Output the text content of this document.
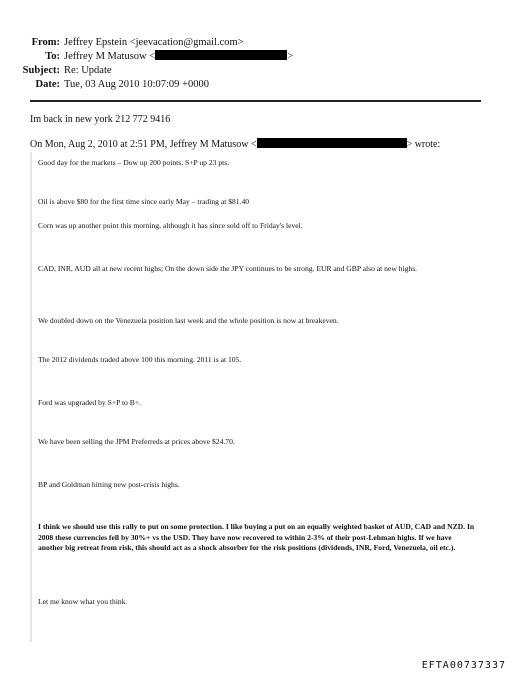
From: Jeffrey Epstein <jeevacation@gmail.com>
To: Jeffrey M Matusow <	>
Subject: Re: Update
Date: Tue, 03 Aug 2010 10:07:09 +0000
Im back in new york 212 772 9416
On Mon, Aug 2, 2010 at 2:51 PM, Jeffrey M Matusow <	> wrote:
Good day for the markets – Dow up 200 points, S+P up 23 pts.
Oil is above $80 for the first time since early May – trading at $81.40
Corn was up another point this morning, although it has since sold off to Friday's level.
CAD, INR, AUD all at new recent highs; On the down side the JPY continues to be strong. EUR and GBP also at new highs.
We doubled down on the Venezuela position last week and the whole position is now at breakeven.
The 2012 dividends traded above 100 this morning. 2011 is at 105.
Ford was upgraded by S+P to B+.
We have been selling the JPM Preferreds at prices above $24.70.
BP and Goldman hitting new post-crisis highs.
I think we should use this rally to put on some protection. I like buying a put on an equally weighted basket of AUD, CAD and NZD. In 2008 these currencies fell by 30%+ vs the USD. They have now recovered to within 2-3% of their post-Lehman highs. If we have another big retreat from risk, this should act as a shock absorber for the risk positions (dividends, INR, Ford, Venezuela, oil etc.).
Let me know what you think.
EFTA00737337
